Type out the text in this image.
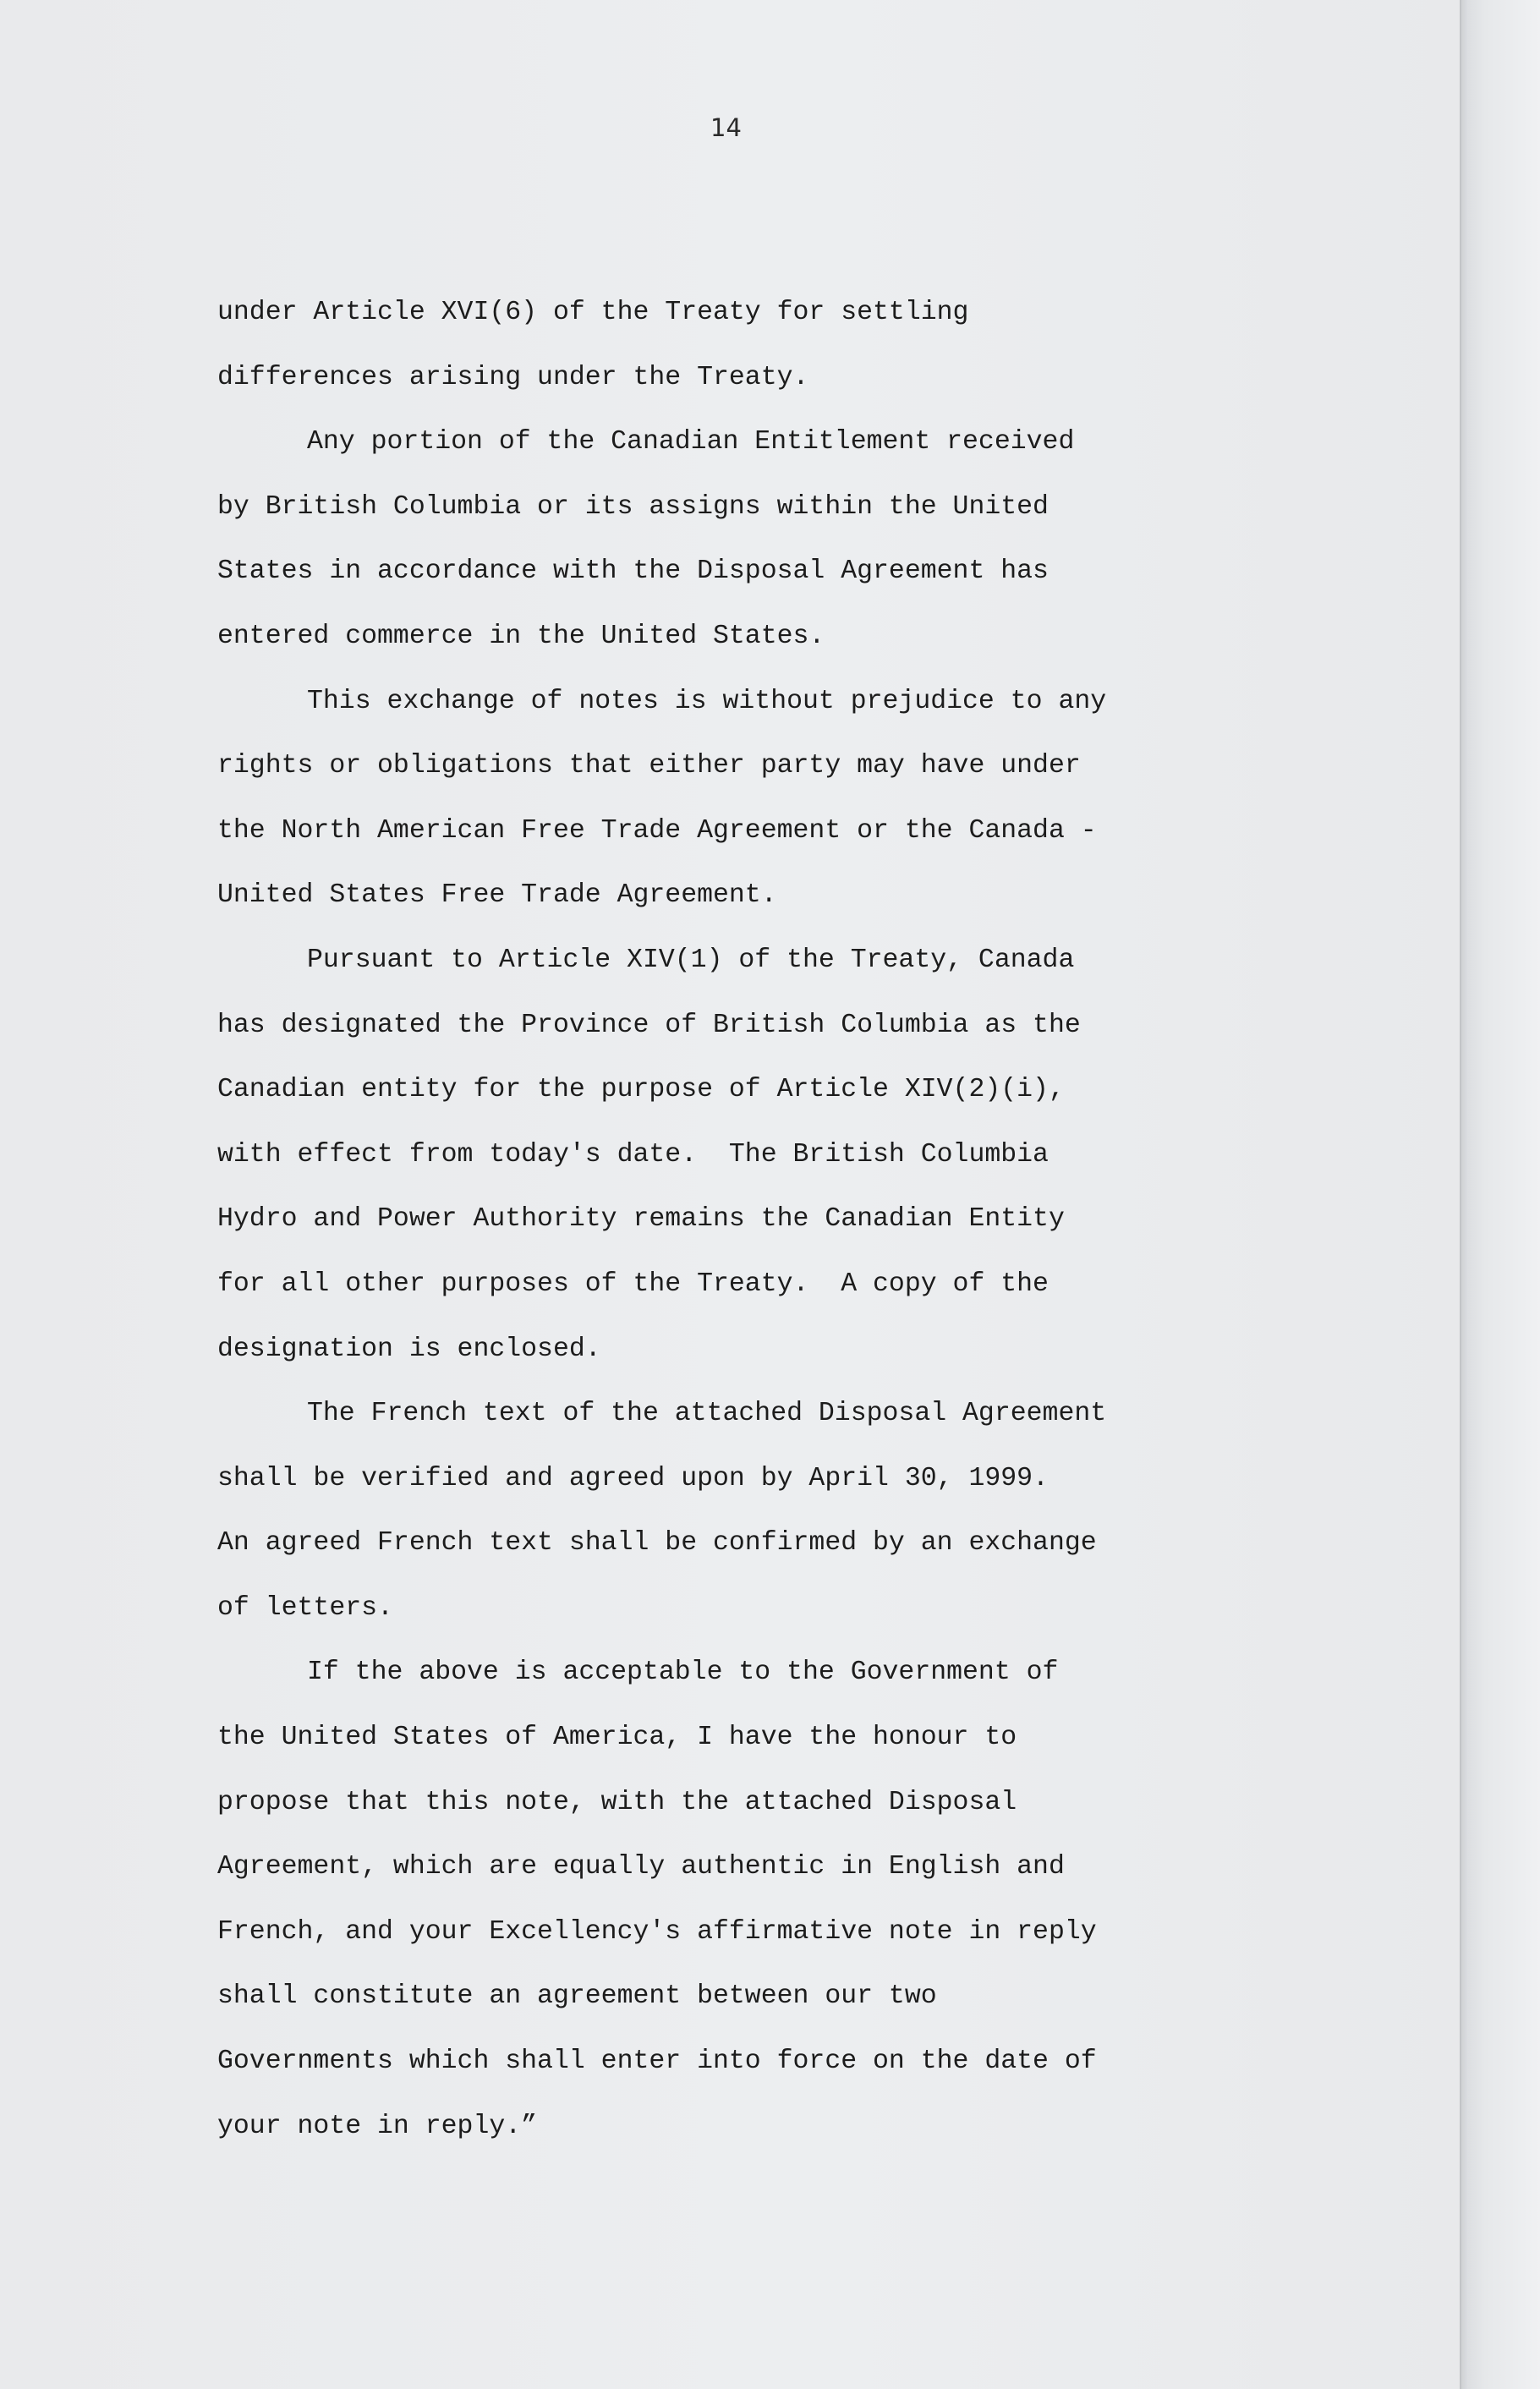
14
under Article XVI(6) of the Treaty for settling
differences arising under the Treaty.
Any portion of the Canadian Entitlement received
by British Columbia or its assigns within the United
States in accordance with the Disposal Agreement has
entered commerce in the United States.
This exchange of notes is without prejudice to any
rights or obligations that either party may have under
the North American Free Trade Agreement or the Canada -
United States Free Trade Agreement.
Pursuant to Article XIV(1) of the Treaty, Canada
has designated the Province of British Columbia as the
Canadian entity for the purpose of Article XIV(2)(i),
with effect from today's date.  The British Columbia
Hydro and Power Authority remains the Canadian Entity
for all other purposes of the Treaty.  A copy of the
designation is enclosed.
The French text of the attached Disposal Agreement
shall be verified and agreed upon by April 30, 1999.
An agreed French text shall be confirmed by an exchange
of letters.
If the above is acceptable to the Government of
the United States of America, I have the honour to
propose that this note, with the attached Disposal
Agreement, which are equally authentic in English and
French, and your Excellency's affirmative note in reply
shall constitute an agreement between our two
Governments which shall enter into force on the date of
your note in reply.”
